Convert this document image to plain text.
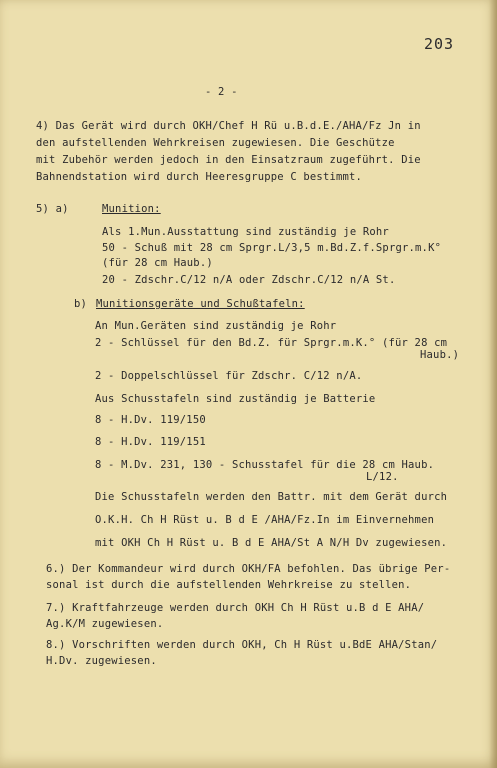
203
- 2 -
4) Das Gerät wird durch OKH/Chef H Rü u.B.d.E./AHA/Fz Jn in
den aufstellenden Wehrkreisen zugewiesen. Die Geschütze
mit Zubehör werden jedoch in den Einsatzraum zugeführt. Die
Bahnendstation wird durch Heeresgruppe C bestimmt.
5) a)	Munition:
Als 1.Mun.Ausstattung sind zuständig je Rohr
50 - Schuß mit 28 cm Sprgr.L/3,5 m.Bd.Z.f.Sprgr.m.K°
(für 28 cm Haub.)
20 - Zdschr.C/12 n/A oder Zdschr.C/12 n/A St.
b) Munitionsgeräte und Schußtafeln:
An Mun.Geräten sind zuständig je Rohr
2 - Schlüssel für den Bd.Z. für Sprgr.m.K.° (für 28 cm
Haub.)
2 - Doppelschlüssel für Zdschr. C/12 n/A.
Aus Schusstafeln sind zuständig je Batterie
8 - H.Dv. 119/150
8 - H.Dv. 119/151
8 - M.Dv. 231, 130 - Schusstafel für die 28 cm Haub.
L/12.
Die Schusstafeln werden den Battr. mit dem Gerät durch
O.K.H. Ch H Rüst u. B d E /AHA/Fz.In im Einvernehmen
mit OKH Ch H Rüst u. B d E AHA/St A N/H Dv zugewiesen.
6.) Der Kommandeur wird durch OKH/FA befohlen. Das übrige Per-
sonal ist durch die aufstellenden Wehrkreise zu stellen.
7.) Kraftfahrzeuge werden durch OKH Ch H Rüst u.B d E AHA/
Ag.K/M zugewiesen.
8.) Vorschriften werden durch OKH, Ch H Rüst u.BdE AHA/Stan/
H.Dv. zugewiesen.
